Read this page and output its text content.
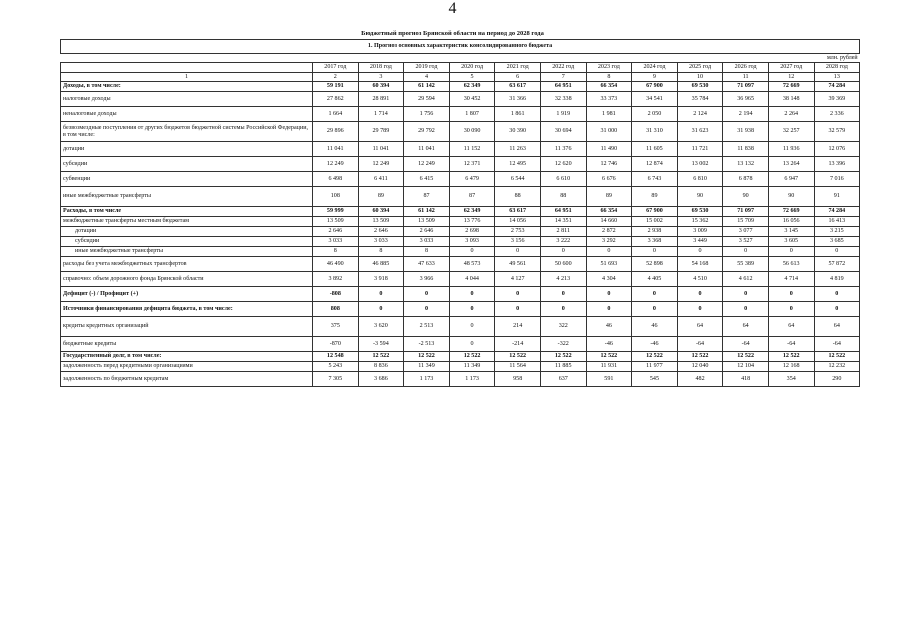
4
Бюджетный прогноз Брянской области на период до 2028 года
1. Прогноз основных характеристик консолидированного бюджета												
млн. рублей												
	2017 год	2018 год	2019 год	2020 год	2021 год	2022 год	2023 год	2024 год	2025 год	2026 год	2027 год	2028 год
1	2	3	4	5	6	7	8	9	10	11	12	13
Доходы, в том числе:	59 191	60 394	61 142	62 349	63 617	64 951	66 354	67 900	69 530	71 097	72 669	74 284
налоговые доходы	27 862	28 891	29 594	30 452	31 366	32 338	33 373	34 541	35 784	36 965	38 148	39 369
неналоговые доходы	1 664	1 714	1 756	1 807	1 861	1 919	1 981	2 050	2 124	2 194	2 264	2 336
безвозмездные поступления от других бюджетов бюджетной системы Российской Федерации, в том числе:	29 896	29 789	29 792	30 090	30 390	30 694	31 000	31 310	31 623	31 938	32 257	32 579
дотации	11 041	11 041	11 041	11 152	11 263	11 376	11 490	11 605	11 721	11 838	11 936	12 076
субсидии	12 249	12 249	12 249	12 371	12 495	12 620	12 746	12 874	13 002	13 132	13 264	13 396
субвенции	6 498	6 411	6 415	6 479	6 544	6 610	6 676	6 743	6 810	6 878	6 947	7 016
иные межбюджетные трансферты	108	89	87	87	88	88	89	89	90	90	90	91
Расходы, в том числе	59 999	60 394	61 142	62 349	63 617	64 951	66 354	67 900	69 530	71 097	72 669	74 284
межбюджетные трансферты местным бюджетам	13 509	13 509	13 509	13 776	14 056	14 351	14 660	15 002	15 362	15 709	16 056	16 413
дотации	2 646	2 646	2 646	2 698	2 753	2 811	2 872	2 938	3 009	3 077	3 145	3 215
субсидии	3 033	3 033	3 033	3 093	3 156	3 222	3 292	3 368	3 449	3 527	3 605	3 685
иные межбюджетные трансферты	8	8	8	0	0	0	0	0	0	0	0	0
расходы без учета межбюджетных трансфертов	46 490	46 885	47 633	48 573	49 561	50 600	51 693	52 898	54 168	55 389	56 613	57 872
справочно: объем дорожного фонда Брянской области	3 892	3 918	3 966	4 044	4 127	4 213	4 304	4 405	4 510	4 612	4 714	4 819
Дефицит (-) / Профицит (+)	-808	0	0	0	0	0	0	0	0	0	0	0
Источники финансирования дефицита бюджета, в том числе:	808	0	0	0	0	0	0	0	0	0	0	0
кредиты кредитных организаций	375	3 620	2 513	0	214	322	46	46	64	64	64	64
бюджетные кредиты	-870	-3 594	-2 513	0	-214	-322	-46	-46	-64	-64	-64	-64
Государственный долг, в том числе:	12 548	12 522	12 522	12 522	12 522	12 522	12 522	12 522	12 522	12 522	12 522	12 522
задолженность перед кредитными организациями	5 243	8 836	11 349	11 349	11 564	11 885	11 931	11 977	12 040	12 104	12 168	12 232
задолженность по бюджетным кредитам	7 305	3 686	1 173	1 173	958	637	591	545	482	418	354	290
